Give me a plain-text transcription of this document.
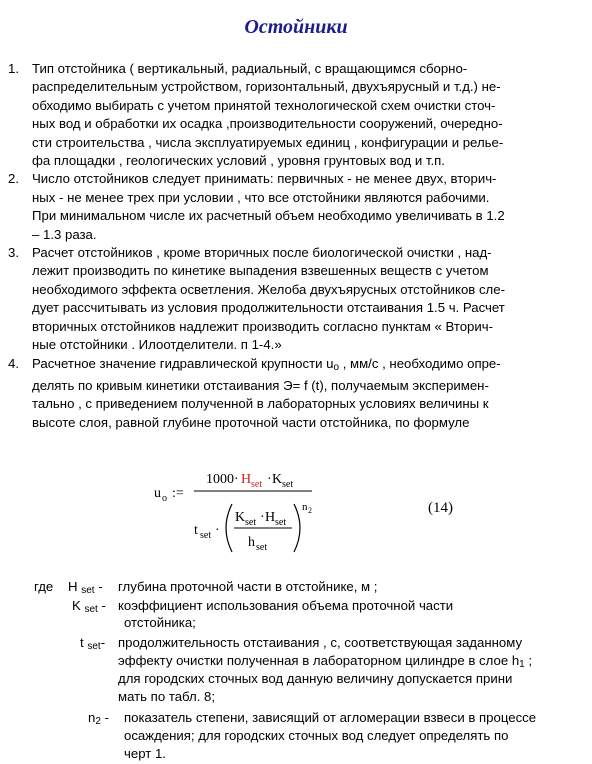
Остойники
1. Тип отстойника ( вертикальный, радиальный, с вращающимся сборно-
распределительным устройством, горизонтальный, двухъярусный и т.д.) не-
обходимо выбирать с учетом принятой технологической схем очистки сточ-
ных вод и обработки их осадка ,производительности сооружений, очередно-
сти строительства , числа эксплуатируемых единиц , конфигурации и релье-
фа площадки , геологических условий , уровня грунтовых вод и т.п.
2. Число отстойников следует принимать: первичных - не менее двух, вторич-
ных - не менее трех при условии , что все отстойники являются рабочими.
При минимальном числе их расчетный объем необходимо увеличивать в 1.2
– 1.3 раза.
3. Расчет отстойников , кроме вторичных после биологической очистки , над-
лежит производить по кинетике выпадения взвешенных веществ с учетом
необходимого эффекта осветления. Желоба двухъярусных отстойников сле-
дует рассчитывать из условия продолжительности отстаивания 1.5 ч. Расчет
вторичных отстойников надлежит производить согласно пунктам « Вторич-
ные отстойники . Илоотделители. п 1-4.»
4. Расчетное значение гидравлической крупности $u_o$ , мм/с , необходимо опре-
делять по кривым кинетики отстаивания Э= f (t), получаемым эксперимен-
тально , с приведением полученной в лабораторных условиях величины к
высоте слоя, равной глубине проточной части отстойника, по формуле
u o :=
1000· H set · K set
t set ·
K set · H set
h set
n 2	(14)
где H $_{set}$ - глубина проточной части в отстойнике, м ;
K $_{set}$ - коэффициент использования объема проточной части
отстойника;
t $_{set}$- продолжительность отстаивания , с, соответствующая заданному
эффекту очистки полученная в лабораторном цилиндре в слое $h_1$ ;
для городских сточных вод данную величину допускается прини
мать по табл. 8;
$n_2$ - показатель степени, зависящий от агломерации взвеси в процессе
осаждения; для городских сточных вод следует определять по
черт 1.
